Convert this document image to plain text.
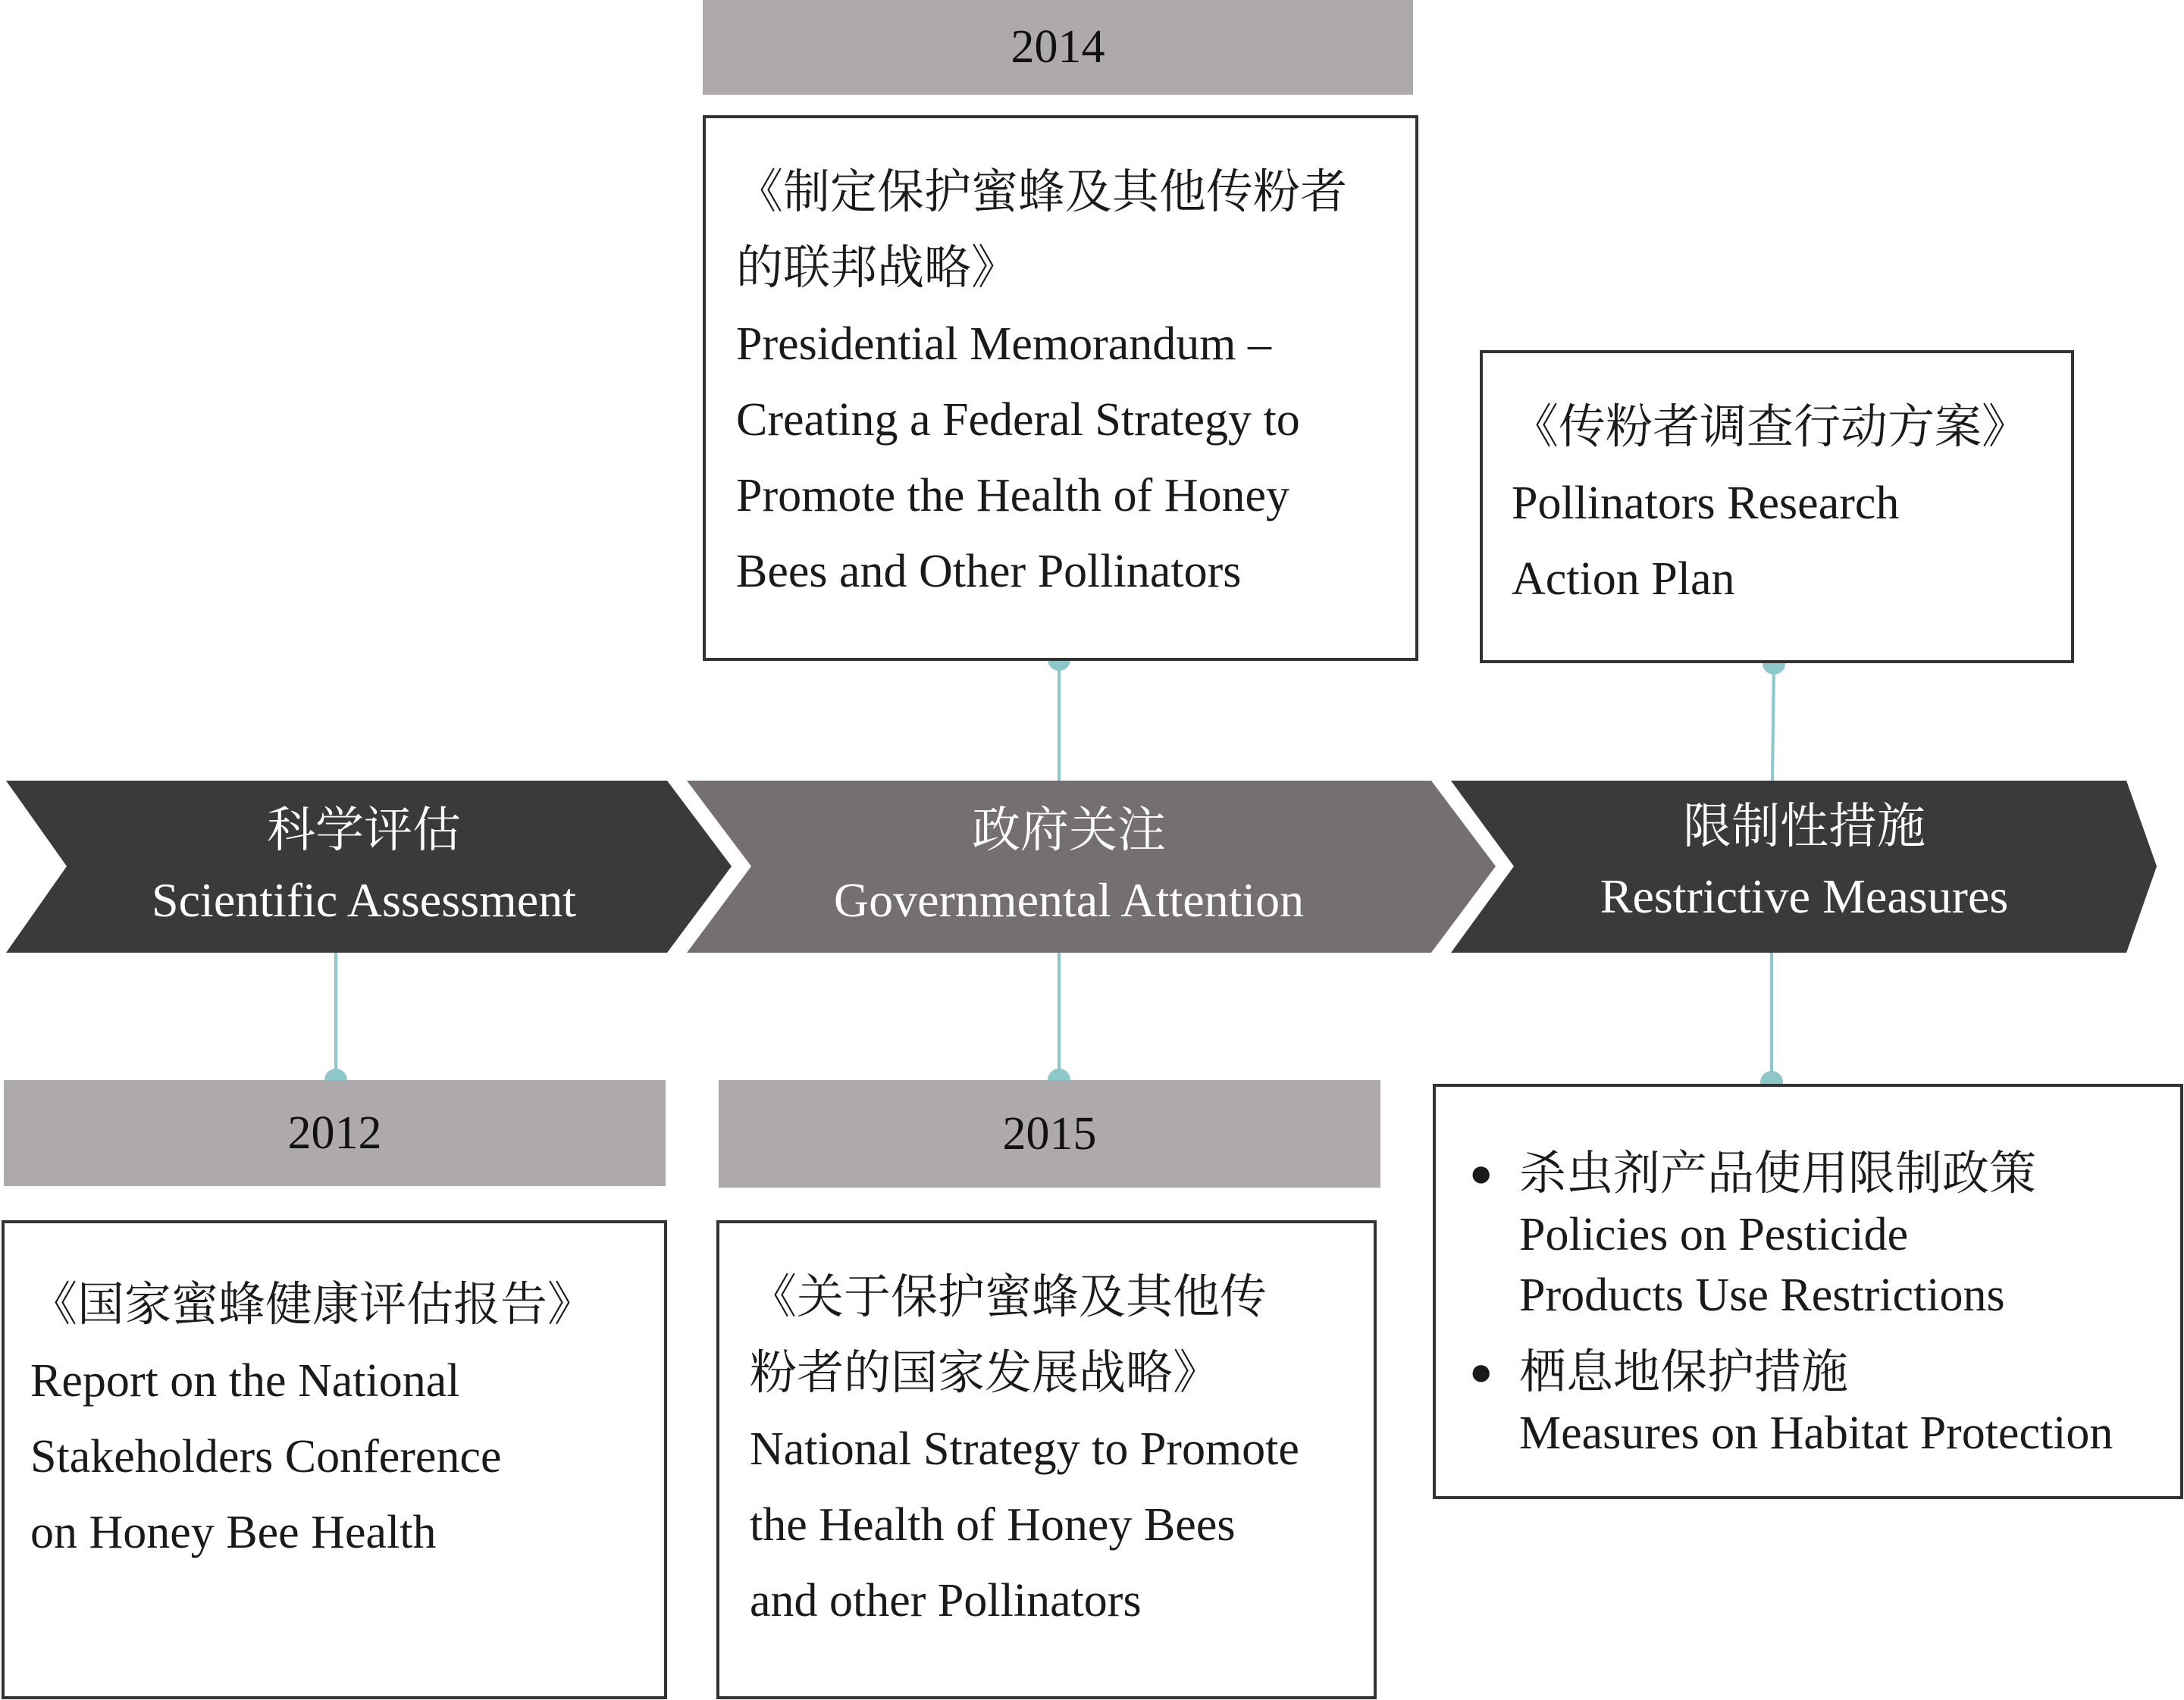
科学评估
Scientific Assessment
政府关注
Governmental Attention
限制性措施
Restrictive Measures
2014
《制定保护蜜蜂及其他传粉者
的联邦战略》
Presidential Memorandum –
Creating a Federal Strategy to
Promote the Health of Honey
Bees and Other Pollinators
《传粉者调查行动方案》
Pollinators Research
Action Plan
2012
《国家蜜蜂健康评估报告》
Report on the National
Stakeholders Conference
on Honey Bee Health
2015
《关于保护蜜蜂及其他传
粉者的国家发展战略》
National Strategy to Promote
the Health of Honey Bees
and other Pollinators
● 杀虫剂产品使用限制政策
Policies on Pesticide
Products Use Restrictions
● 栖息地保护措施
Measures on Habitat Protection
